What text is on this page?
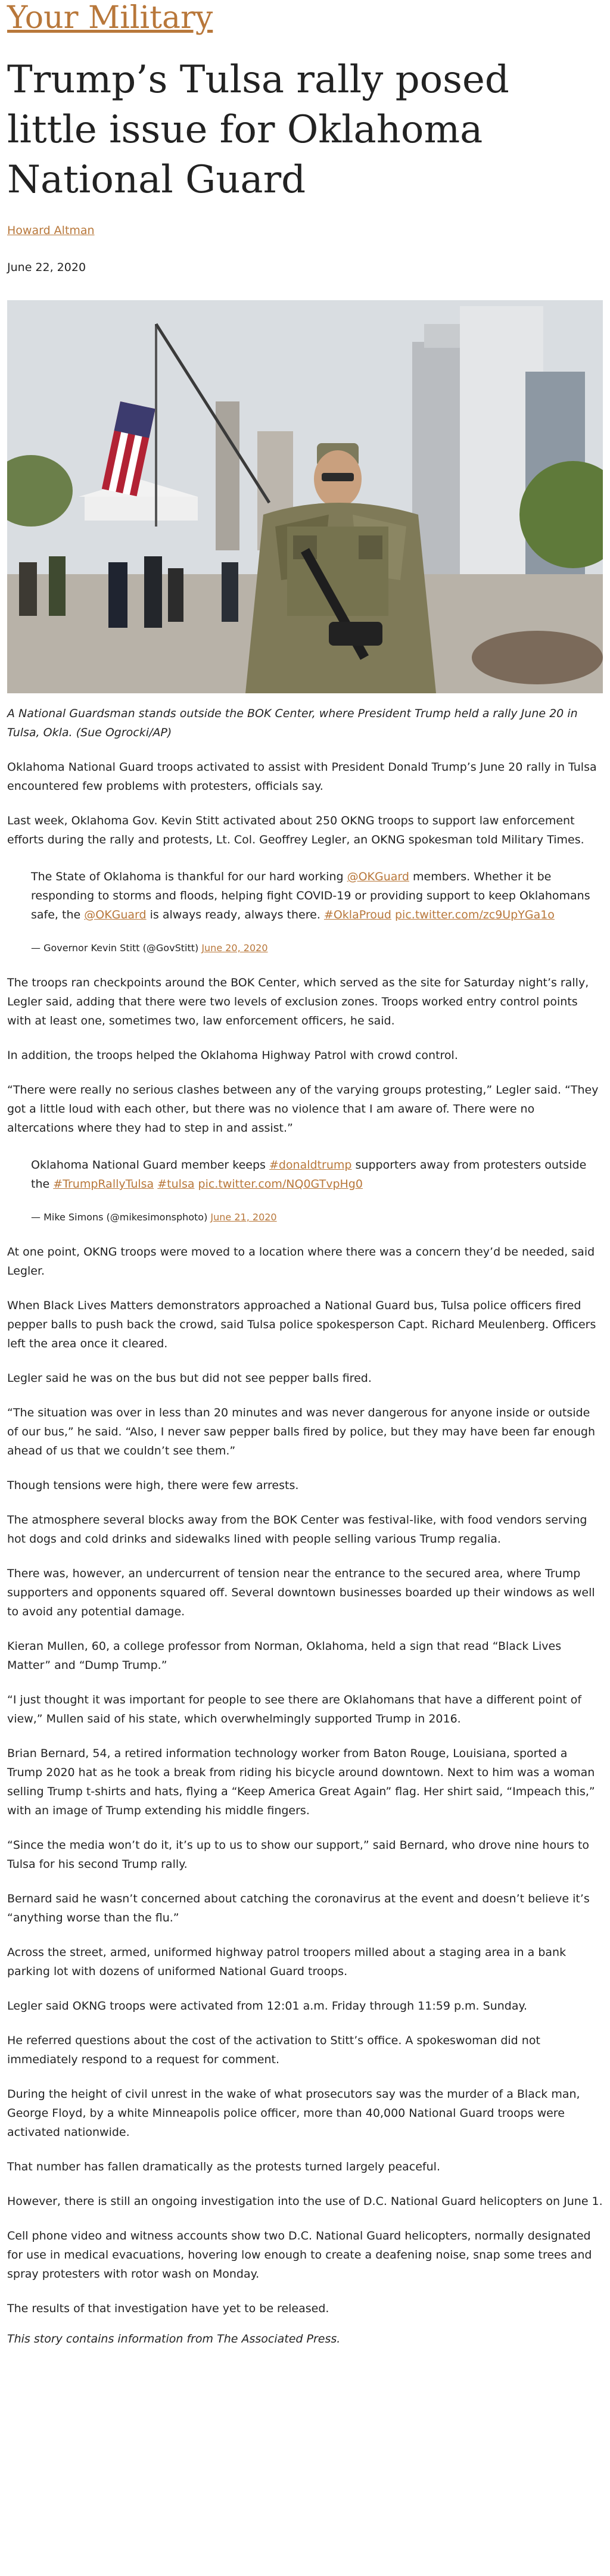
Your Military
Trump’s Tulsa rally posed little issue for Oklahoma National Guard
Howard Altman
June 22, 2020
A National Guardsman stands outside the BOK Center, where President Trump held a rally June 20 in Tulsa, Okla. (Sue Ogrocki/AP)

Oklahoma National Guard troops activated to assist with President Donald Trump’s June 20 rally in Tulsa encountered few problems with protesters, officials say.

Last week, Oklahoma Gov. Kevin Stitt activated about 250 OKNG troops to support law enforcement efforts during the rally and protests, Lt. Col. Geoffrey Legler, an OKNG spokesman told Military Times.

The State of Oklahoma is thankful for our hard working @OKGuard members. Whether it be responding to storms and floods, helping fight COVID-19 or providing support to keep Oklahomans safe, the @OKGuard is always ready, always there. #OklaProud pic.twitter.com/zc9UpYGa1o
— Governor Kevin Stitt (@GovStitt) June 20, 2020

The troops ran checkpoints around the BOK Center, which served as the site for Saturday night’s rally, Legler said, adding that there were two levels of exclusion zones. Troops worked entry control points with at least one, sometimes two, law enforcement officers, he said.

In addition, the troops helped the Oklahoma Highway Patrol with crowd control.

“There were really no serious clashes between any of the varying groups protesting,” Legler said. “They got a little loud with each other, but there was no violence that I am aware of. There were no altercations where they had to step in and assist.”

Oklahoma National Guard member keeps #donaldtrump supporters away from protesters outside the #TrumpRallyTulsa #tulsa pic.twitter.com/NQ0GTvpHg0
— Mike Simons (@mikesimonsphoto) June 21, 2020

At one point, OKNG troops were moved to a location where there was a concern they’d be needed, said Legler.

When Black Lives Matters demonstrators approached a National Guard bus, Tulsa police officers fired pepper balls to push back the crowd, said Tulsa police spokesperson Capt. Richard Meulenberg. Officers left the area once it cleared.

Legler said he was on the bus but did not see pepper balls fired.

“The situation was over in less than 20 minutes and was never dangerous for anyone inside or outside of our bus,” he said. “Also, I never saw pepper balls fired by police, but they may have been far enough ahead of us that we couldn’t see them.”

Though tensions were high, there were few arrests.

The atmosphere several blocks away from the BOK Center was festival-like, with food vendors serving hot dogs and cold drinks and sidewalks lined with people selling various Trump regalia.

There was, however, an undercurrent of tension near the entrance to the secured area, where Trump supporters and opponents squared off. Several downtown businesses boarded up their windows as well to avoid any potential damage.

Kieran Mullen, 60, a college professor from Norman, Oklahoma, held a sign that read “Black Lives Matter” and “Dump Trump.”

“I just thought it was important for people to see there are Oklahomans that have a different point of view,” Mullen said of his state, which overwhelmingly supported Trump in 2016.

Brian Bernard, 54, a retired information technology worker from Baton Rouge, Louisiana, sported a Trump 2020 hat as he took a break from riding his bicycle around downtown. Next to him was a woman selling Trump t-shirts and hats, flying a “Keep America Great Again” flag. Her shirt said, “Impeach this,” with an image of Trump extending his middle fingers.

“Since the media won’t do it, it’s up to us to show our support,” said Bernard, who drove nine hours to Tulsa for his second Trump rally.

Bernard said he wasn’t concerned about catching the coronavirus at the event and doesn’t believe it’s “anything worse than the flu.”

Across the street, armed, uniformed highway patrol troopers milled about a staging area in a bank parking lot with dozens of uniformed National Guard troops.

Legler said OKNG troops were activated from 12:01 a.m. Friday through 11:59 p.m. Sunday.

He referred questions about the cost of the activation to Stitt’s office. A spokeswoman did not immediately respond to a request for comment.

During the height of civil unrest in the wake of what prosecutors say was the murder of a Black man, George Floyd, by a white Minneapolis police officer, more than 40,000 National Guard troops were activated nationwide.

That number has fallen dramatically as the protests turned largely peaceful.

However, there is still an ongoing investigation into the use of D.C. National Guard helicopters on June 1.

Cell phone video and witness accounts show two D.C. National Guard helicopters, normally designated for use in medical evacuations, hovering low enough to create a deafening noise, snap some trees and spray protesters with rotor wash on Monday.

The results of that investigation have yet to be released.

This story contains information from The Associated Press.
